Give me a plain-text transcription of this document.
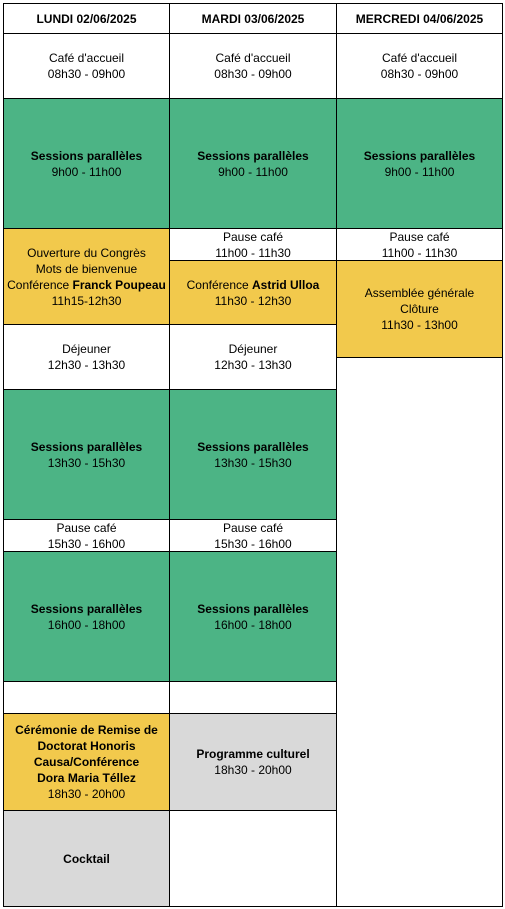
LUNDI 02/06/2025
Café d'accueil
08h30 - 09h00
Sessions parallèles
9h00 - 11h00
Ouverture du Congrès
Mots de bienvenue
Conférence Franck Poupeau
11h15-12h30
Déjeuner
12h30 - 13h30
Sessions parallèles
13h30 - 15h30
Pause café
15h30 - 16h00
Sessions parallèles
16h00 - 18h00
Cérémonie de Remise de
Doctorat Honoris
Causa/Conférence
Dora Maria Téllez
18h30 - 20h00
Cocktail
MARDI 03/06/2025
Café d'accueil
08h30 - 09h00
Sessions parallèles
9h00 - 11h00
Pause café
11h00 - 11h30
Conférence Astrid Ulloa
11h30 - 12h30
Déjeuner
12h30 - 13h30
Sessions parallèles
13h30 - 15h30
Pause café
15h30 - 16h00
Sessions parallèles
16h00 - 18h00
Programme culturel
18h30 - 20h00
MERCREDI 04/06/2025
Café d'accueil
08h30 - 09h00
Sessions parallèles
9h00 - 11h00
Pause café
11h00 - 11h30
Assemblée générale
Clôture
11h30 - 13h00
